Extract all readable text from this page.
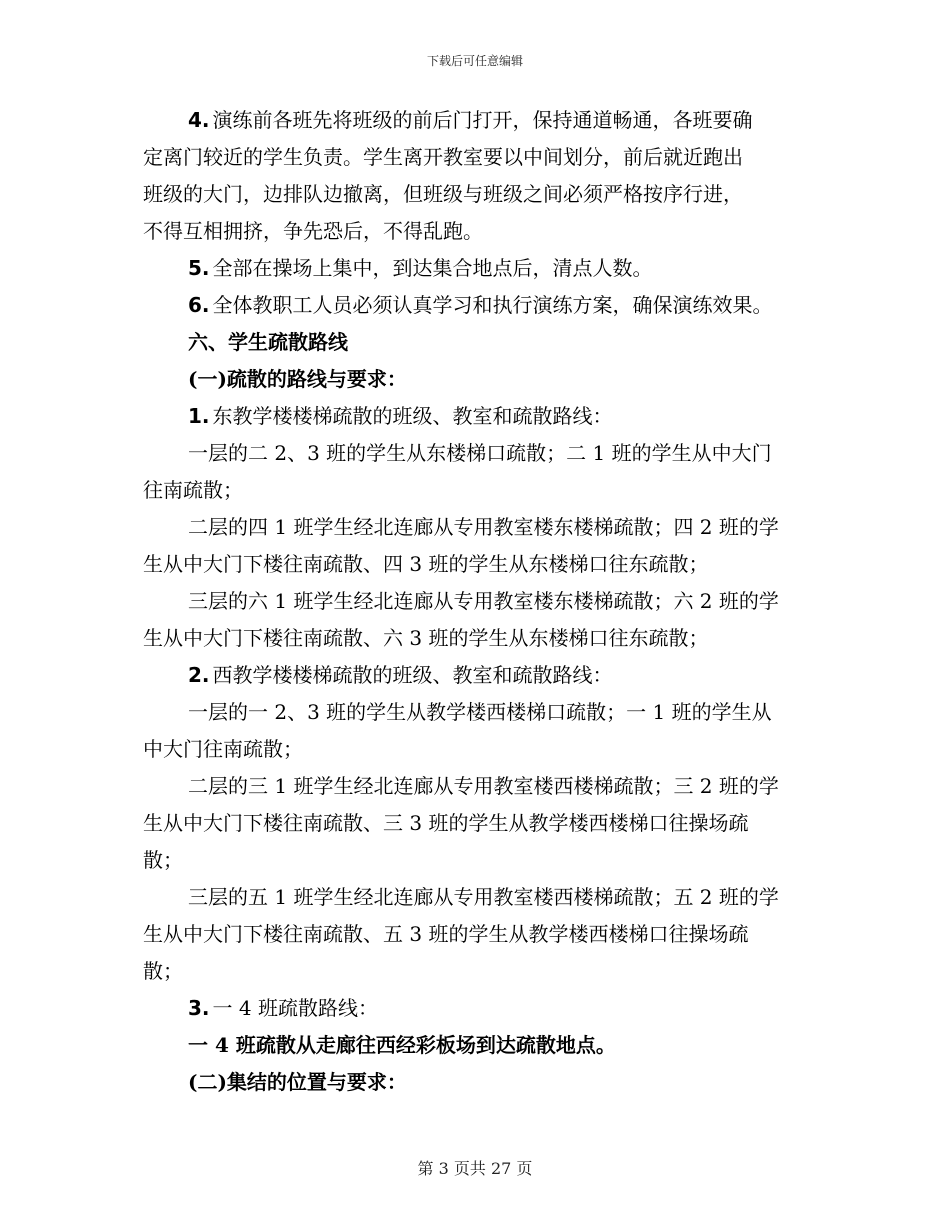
下载后可任意编辑
4. 演练前各班先将班级的前后门打开，保持通道畅通，各班要确
定离门较近的学生负责。学生离开教室要以中间划分，前后就近跑出
班级的大门，边排队边撤离，但班级与班级之间必须严格按序行进，
不得互相拥挤，争先恐后，不得乱跑。
5. 全部在操场上集中，到达集合地点后，清点人数。
6. 全体教职工人员必须认真学习和执行演练方案，确保演练效果。
六、学生疏散路线
(一)疏散的路线与要求：
1. 东教学楼楼梯疏散的班级、教室和疏散路线：
一层的二 2、3 班的学生从东楼梯口疏散；二 1 班的学生从中大门
往南疏散；
二层的四 1 班学生经北连廊从专用教室楼东楼梯疏散；四 2 班的学
生从中大门下楼往南疏散、四 3 班的学生从东楼梯口往东疏散；
三层的六 1 班学生经北连廊从专用教室楼东楼梯疏散；六 2 班的学
生从中大门下楼往南疏散、六 3 班的学生从东楼梯口往东疏散；
2. 西教学楼楼梯疏散的班级、教室和疏散路线：
一层的一 2、3 班的学生从教学楼西楼梯口疏散；一 1 班的学生从
中大门往南疏散；
二层的三 1 班学生经北连廊从专用教室楼西楼梯疏散；三 2 班的学
生从中大门下楼往南疏散、三 3 班的学生从教学楼西楼梯口往操场疏
散；
三层的五 1 班学生经北连廊从专用教室楼西楼梯疏散；五 2 班的学
生从中大门下楼往南疏散、五 3 班的学生从教学楼西楼梯口往操场疏
散；
3. 一 4 班疏散路线：
一 4 班疏散从走廊往西经彩板场到达疏散地点。
(二)集结的位置与要求：
第 3 页共 27 页
